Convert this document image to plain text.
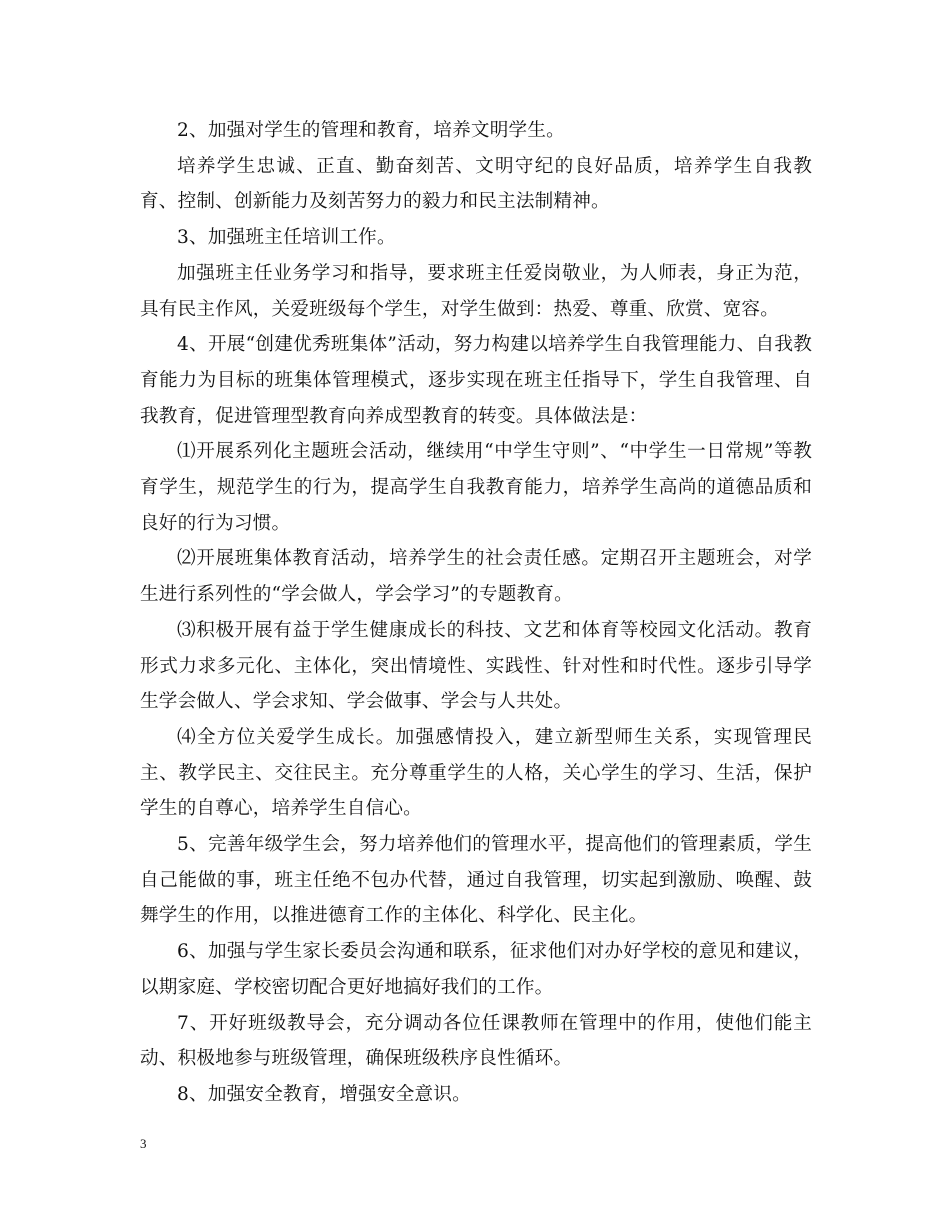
2、加强对学生的管理和教育，培养文明学生。

培养学生忠诚、正直、勤奋刻苦、文明守纪的良好品质，培养学生自我教育、控制、创新能力及刻苦努力的毅力和民主法制精神。

3、加强班主任培训工作。

加强班主任业务学习和指导，要求班主任爱岗敬业，为人师表，身正为范，具有民主作风，关爱班级每个学生，对学生做到：热爱、尊重、欣赏、宽容。

4、开展“创建优秀班集体”活动，努力构建以培养学生自我管理能力、自我教育能力为目标的班集体管理模式，逐步实现在班主任指导下，学生自我管理、自我教育，促进管理型教育向养成型教育的转变。具体做法是：

⑴开展系列化主题班会活动，继续用“中学生守则”、“中学生一日常规”等教育学生，规范学生的行为，提高学生自我教育能力，培养学生高尚的道德品质和良好的行为习惯。

⑵开展班集体教育活动，培养学生的社会责任感。定期召开主题班会，对学生进行系列性的“学会做人，学会学习”的专题教育。

⑶积极开展有益于学生健康成长的科技、文艺和体育等校园文化活动。教育形式力求多元化、主体化，突出情境性、实践性、针对性和时代性。逐步引导学生学会做人、学会求知、学会做事、学会与人共处。

⑷全方位关爱学生成长。加强感情投入，建立新型师生关系，实现管理民主、教学民主、交往民主。充分尊重学生的人格，关心学生的学习、生活，保护学生的自尊心，培养学生自信心。

5、完善年级学生会，努力培养他们的管理水平，提高他们的管理素质，学生自己能做的事，班主任绝不包办代替，通过自我管理，切实起到激励、唤醒、鼓舞学生的作用，以推进德育工作的主体化、科学化、民主化。

6、加强与学生家长委员会沟通和联系，征求他们对办好学校的意见和建议，以期家庭、学校密切配合更好地搞好我们的工作。

7、开好班级教导会，充分调动各位任课教师在管理中的作用，使他们能主动、积极地参与班级管理，确保班级秩序良性循环。

8、加强安全教育，增强安全意识。

3
